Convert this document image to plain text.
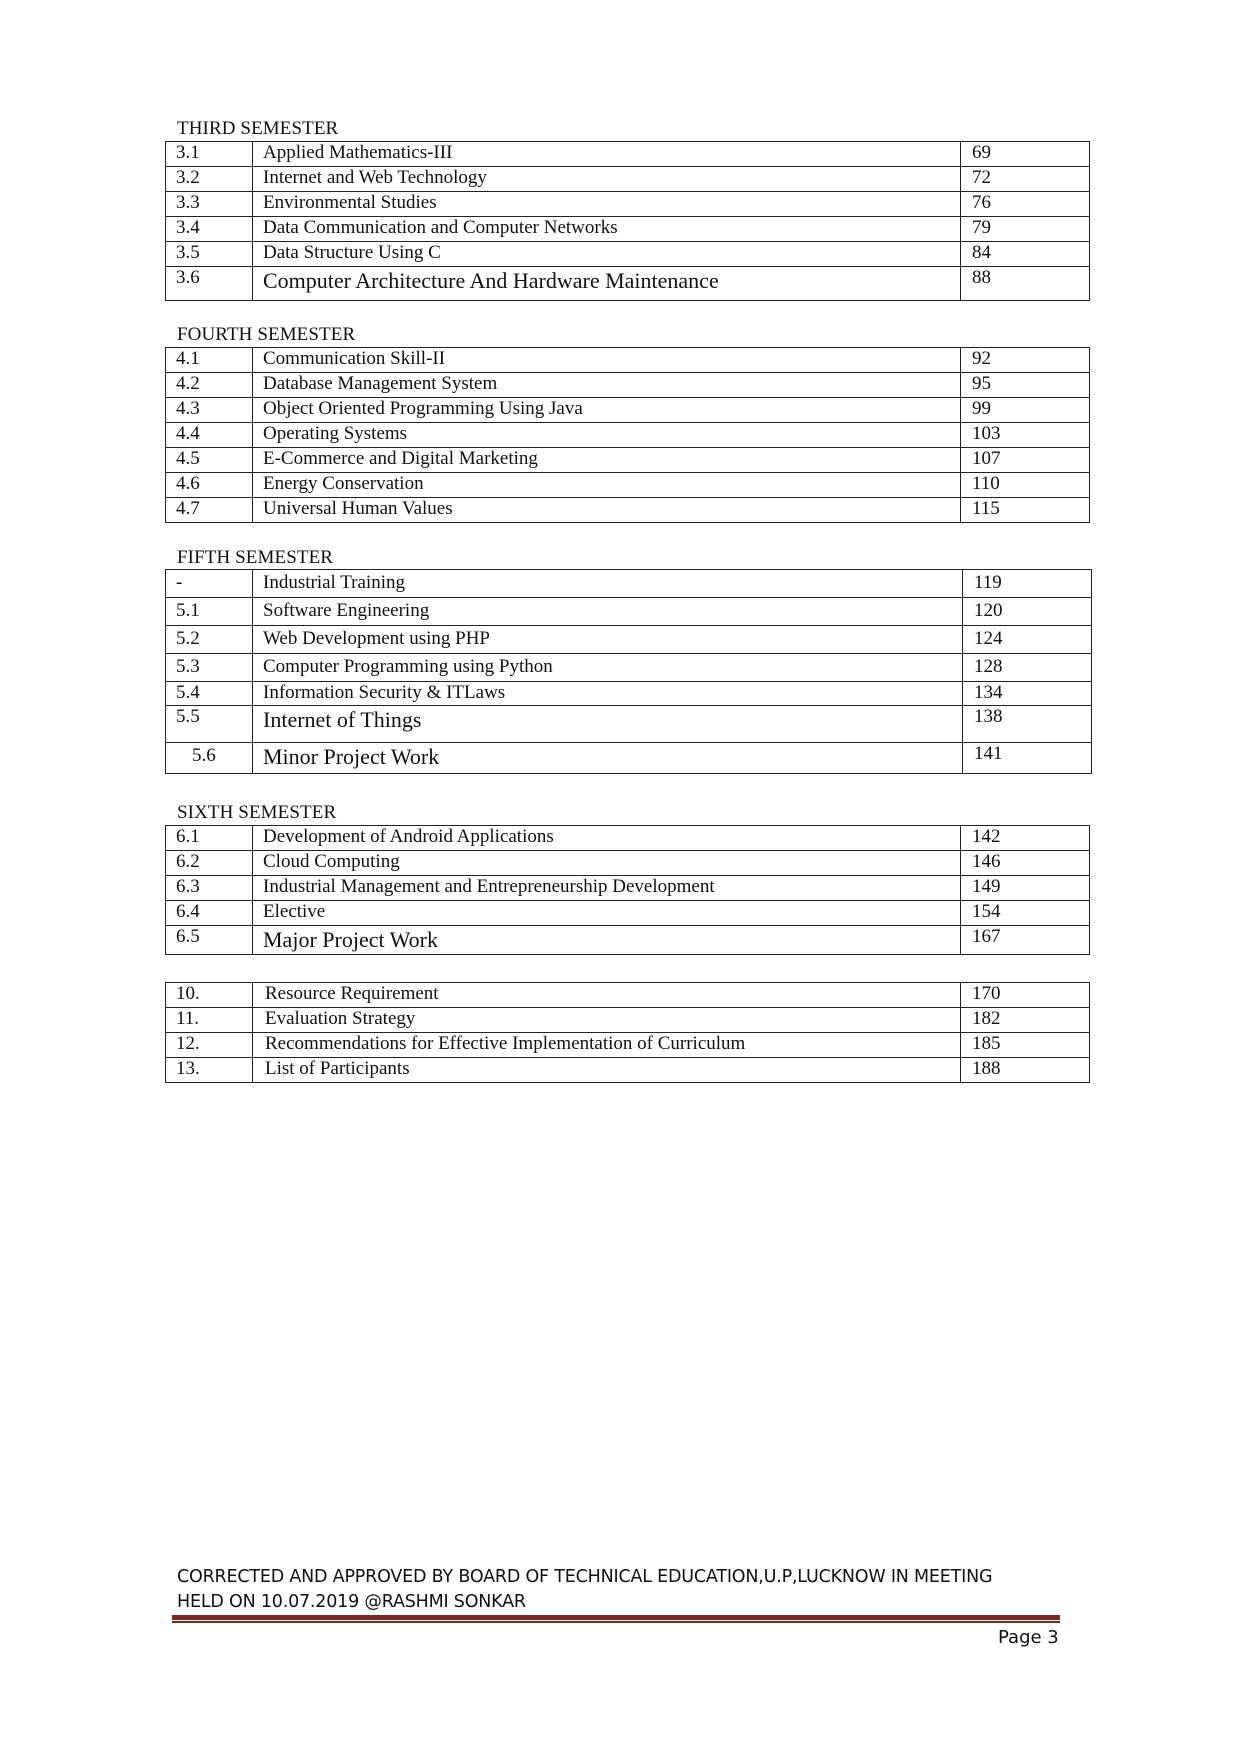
THIRD SEMESTER
3.1	Applied Mathematics-III	69
3.2	Internet and Web Technology	72
3.3	Environmental Studies	76
3.4	Data Communication and Computer Networks	79
3.5	Data Structure Using C	84
3.6	Computer Architecture And Hardware Maintenance	88
FOURTH SEMESTER
4.1	Communication Skill-II	92
4.2	Database Management System	95
4.3	Object Oriented Programming Using Java	99
4.4	Operating Systems	103
4.5	E-Commerce and Digital Marketing	107
4.6	Energy Conservation	110
4.7	Universal Human Values	115
FIFTH SEMESTER
-	Industrial Training	119
5.1	Software Engineering	120
5.2	Web Development using PHP	124
5.3	Computer Programming using Python	128
5.4	Information Security & ITLaws	134
5.5	Internet of Things	138
5.6	Minor Project Work	141
SIXTH SEMESTER
6.1	Development of Android Applications	142
6.2	Cloud Computing	146
6.3	Industrial Management and Entrepreneurship Development	149
6.4	Elective	154
6.5	Major Project Work	167
10.	Resource Requirement	170
11.	Evaluation Strategy	182
12.	Recommendations for Effective Implementation of Curriculum	185
13.	List of Participants	188
CORRECTED AND APPROVED BY BOARD OF TECHNICAL EDUCATION,U.P,LUCKNOW IN MEETING
HELD ON 10.07.2019 @RASHMI SONKAR
Page 3
